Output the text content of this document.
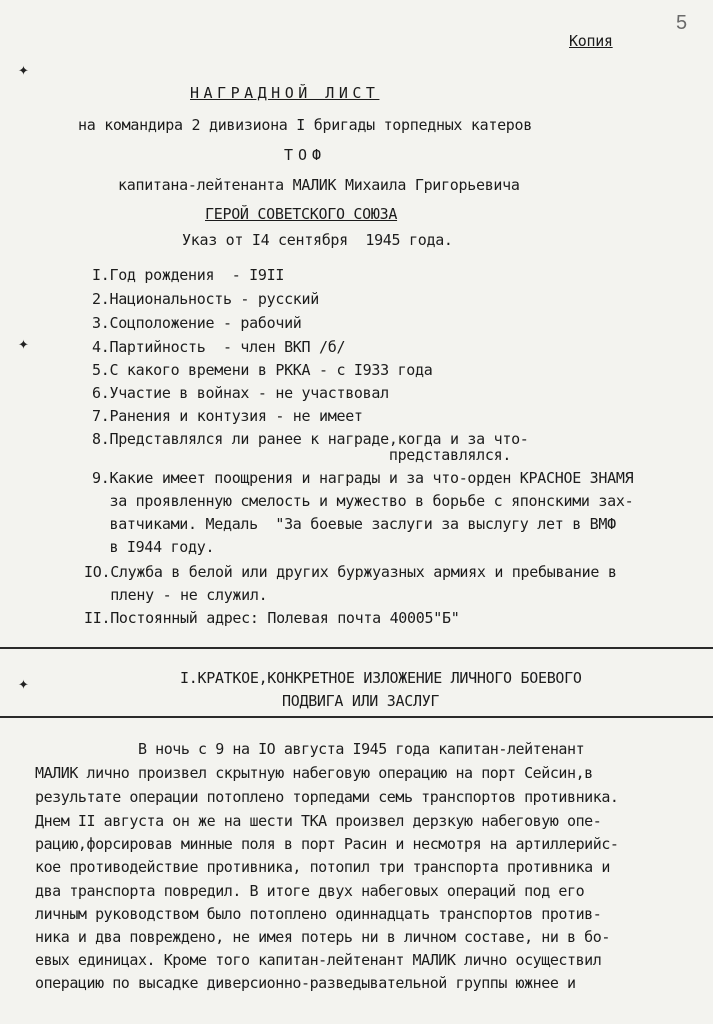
✦
✦
✦
5
Копия
НАГРАДНОЙ ЛИСТ
на командира 2 дивизиона I бригады торпедных катеров
ТОФ
капитана-лейтенанта МАЛИК Михаила Григорьевича
ГЕРОЙ СОВЕТСКОГО СОЮЗА
Указ от I4 сентября  1945 года.
I.Год рождения  - I9II
2.Национальность - русский
3.Соцположение - рабочий
4.Партийность  - член ВКП /б/
5.С какого времени в РККА - с I933 года
6.Участие в войнах - не участвовал
7.Ранения и контузия - не имеет
8.Представлялся ли ранее к награде,когда и за что-
представлялся.
9.Какие имеет поощрения и награды и за что-орден КРАСНОЕ ЗНАМЯ
за проявленную смелость и мужество в борьбе с японскими зах-
ватчиками. Медаль  "За боевые заслуги за выслугу лет в ВМФ
в I944 году.
IO.Служба в белой или других буржуазных армиях и пребывание в
плену - не служил.
II.Постоянный адрес: Полевая почта 40005"Б"
I.КРАТКОЕ,КОНКРЕТНОЕ ИЗЛОЖЕНИЕ ЛИЧНОГО БОЕВОГО
ПОДВИГА ИЛИ ЗАСЛУГ
В ночь с 9 на IO августа I945 года капитан-лейтенант
МАЛИК лично произвел скрытную набеговую операцию на порт Сейсин,в
результате операции потоплено торпедами семь транспортов противника.
Днем II августа он же на шести ТКА произвел дерзкую набеговую опе-
рацию,форсировав минные поля в порт Расин и несмотря на артиллерийс-
кое противодействие противника, потопил три транспорта противника и
два транспорта повредил. В итоге двух набеговых операций под его
личным руководством было потоплено одиннадцать транспортов против-
ника и два повреждено, не имея потерь ни в личном составе, ни в бо-
евых единицах. Кроме того капитан-лейтенант МАЛИК лично осуществил
операцию по высадке диверсионно-разведывательной группы южнее и
